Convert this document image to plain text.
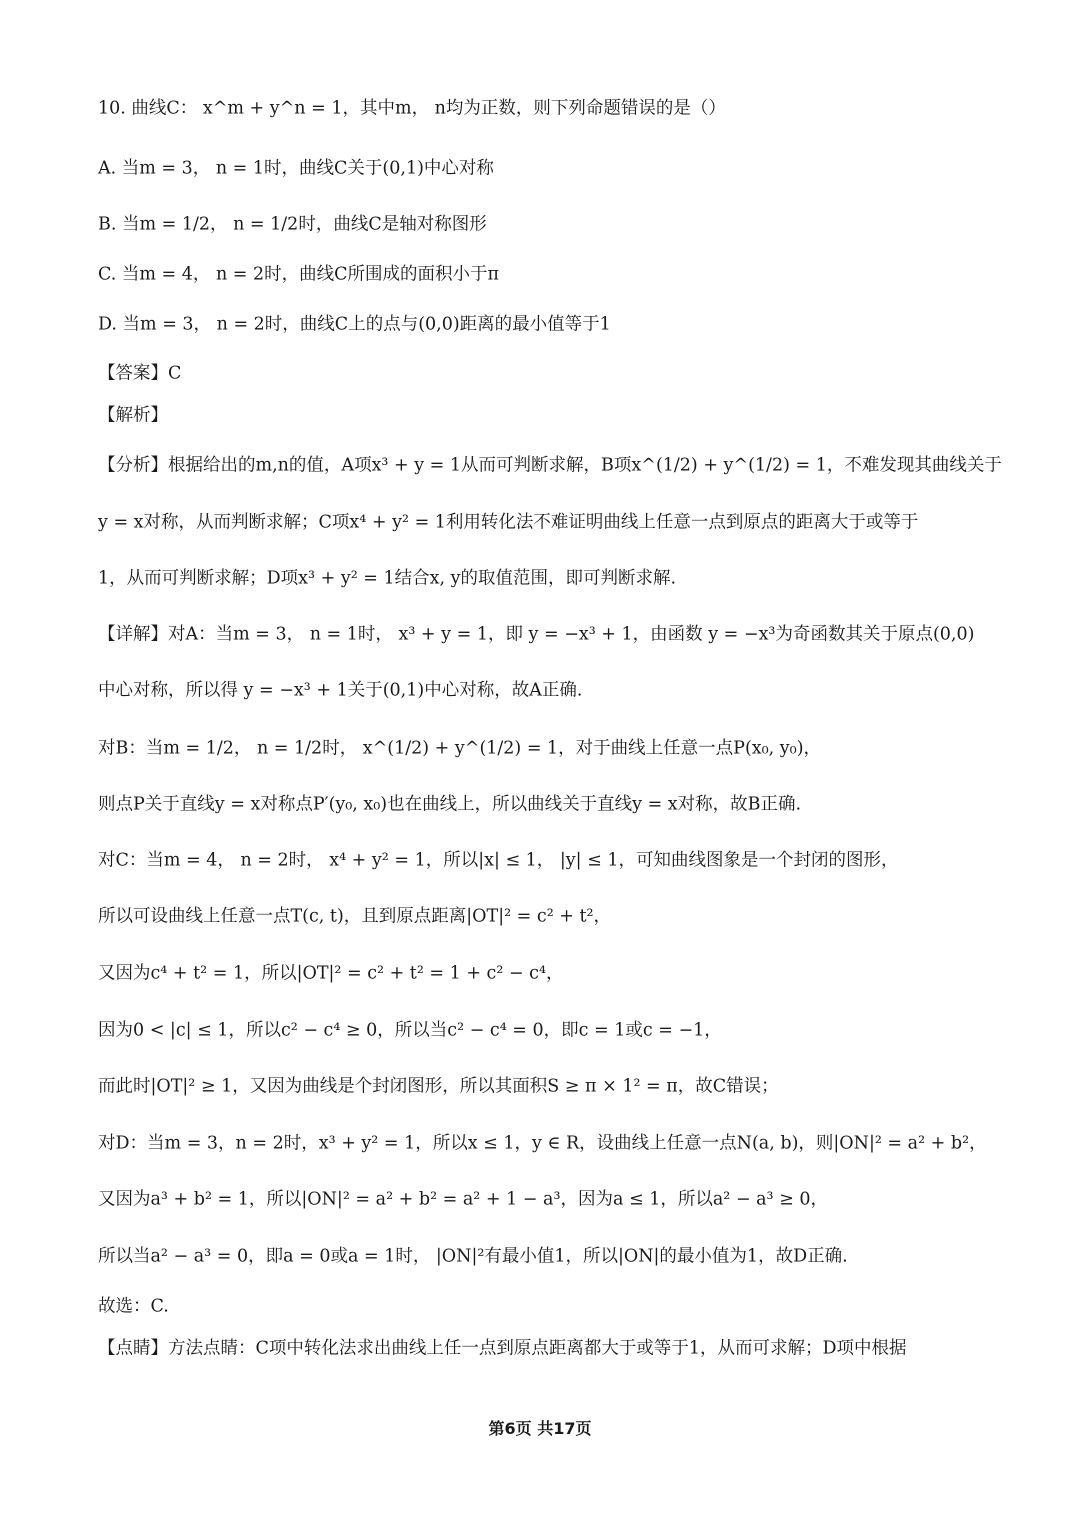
10. 曲线C： x^m + y^n = 1，其中m， n均为正数，则下列命题错误的是（）
A. 当m = 3， n = 1时，曲线C关于(0,1)中心对称
B. 当m = 1/2， n = 1/2时，曲线C是轴对称图形
C. 当m = 4， n = 2时，曲线C所围成的面积小于π
D. 当m = 3， n = 2时，曲线C上的点与(0,0)距离的最小值等于1
【答案】C
【解析】
【分析】根据给出的m,n的值，A项x³ + y = 1从而可判断求解，B项x^(1/2) + y^(1/2) = 1，不难发现其曲线关于
y = x对称，从而判断求解；C项x⁴ + y² = 1利用转化法不难证明曲线上任意一点到原点的距离大于或等于
1，从而可判断求解；D项x³ + y² = 1结合x, y的取值范围，即可判断求解.
【详解】对A：当m = 3， n = 1时， x³ + y = 1，即 y = −x³ + 1，由函数 y = −x³为奇函数其关于原点(0,0)
中心对称，所以得 y = −x³ + 1关于(0,1)中心对称，故A正确.
对B：当m = 1/2， n = 1/2时， x^(1/2) + y^(1/2) = 1，对于曲线上任意一点P(x₀, y₀)，
则点P关于直线y = x对称点P′(y₀, x₀)也在曲线上，所以曲线关于直线y = x对称，故B正确.
对C：当m = 4， n = 2时， x⁴ + y² = 1，所以|x| ≤ 1， |y| ≤ 1，可知曲线图象是一个封闭的图形，
所以可设曲线上任意一点T(c, t)，且到原点距离|OT|² = c² + t²，
又因为c⁴ + t² = 1，所以|OT|² = c² + t² = 1 + c² − c⁴，
因为0 < |c| ≤ 1，所以c² − c⁴ ≥ 0，所以当c² − c⁴ = 0，即c = 1或c = −1，
而此时|OT|² ≥ 1，又因为曲线是个封闭图形，所以其面积S ≥ π × 1² = π，故C错误；
对D：当m = 3，n = 2时，x³ + y² = 1，所以x ≤ 1，y ∈ R，设曲线上任意一点N(a, b)，则|ON|² = a² + b²，
又因为a³ + b² = 1，所以|ON|² = a² + b² = a² + 1 − a³，因为a ≤ 1，所以a² − a³ ≥ 0，
所以当a² − a³ = 0，即a = 0或a = 1时， |ON|²有最小值1，所以|ON|的最小值为1，故D正确.
故选：C.
【点睛】方法点睛：C项中转化法求出曲线上任一点到原点距离都大于或等于1，从而可求解；D项中根据
第6页 共17页
